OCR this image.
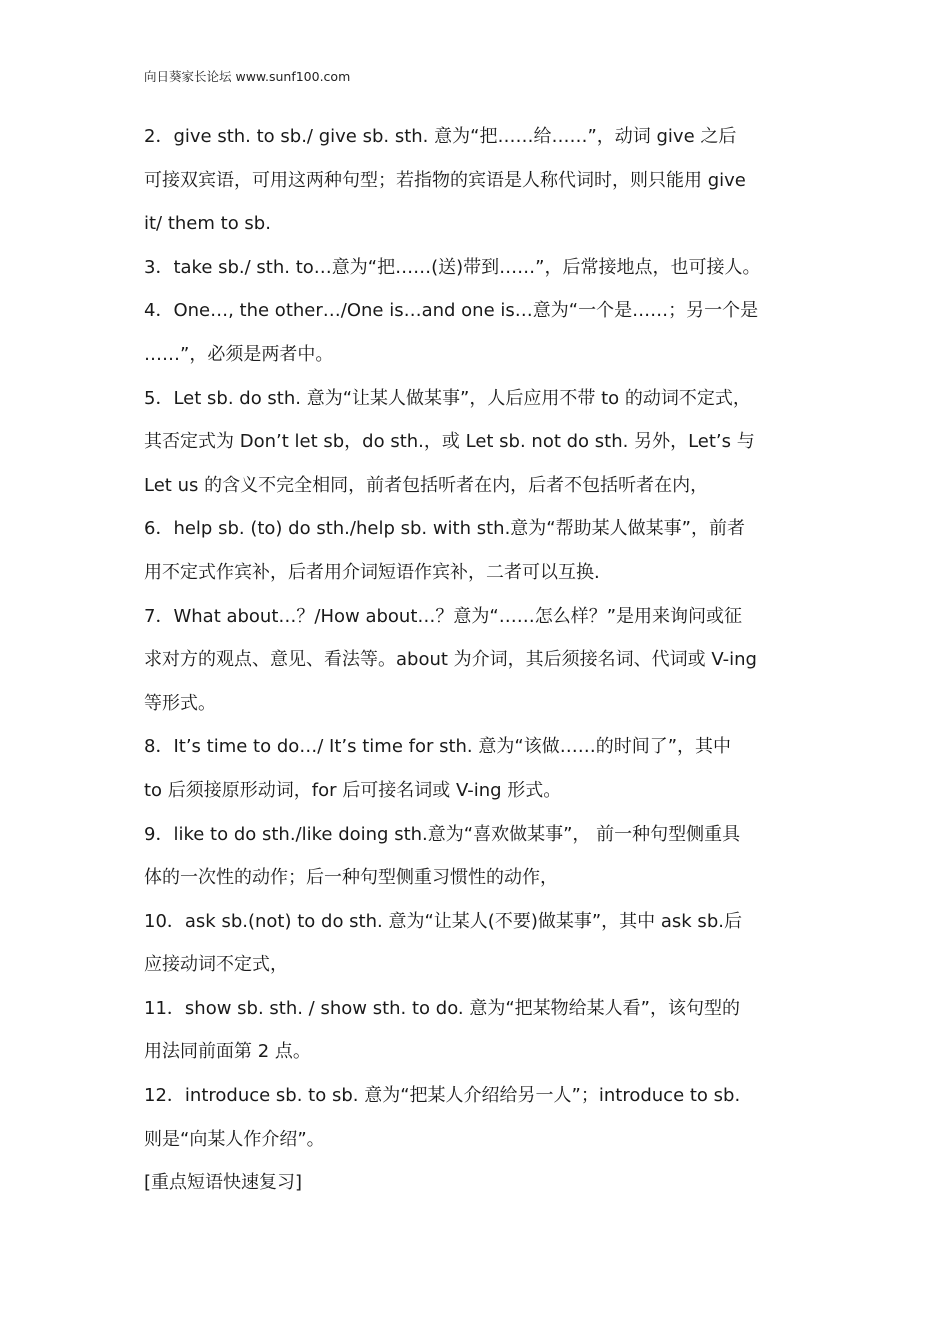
向日葵家长论坛 www.sunf100.com
2．give sth. to sb./ give sb. sth. 意为“把……给……”，动词 give 之后
可接双宾语，可用这两种句型；若指物的宾语是人称代词时，则只能用 give
it/ them to sb.
3．take sb./ sth. to…意为“把……(送)带到……”，后常接地点，也可接人。
4．One…, the other…/One is…and one is…意为“一个是……；另一个是
……”，必须是两者中。
5．Let sb. do sth. 意为“让某人做某事”，人后应用不带 to 的动词不定式，
其否定式为 Don’t let sb，do sth.，或 Let sb. not do sth. 另外，Let’s 与
Let us 的含义不完全相同，前者包括听者在内，后者不包括听者在内，
6．help sb. (to) do sth./help sb. with sth.意为“帮助某人做某事”，前者
用不定式作宾补，后者用介词短语作宾补，二者可以互换.
7．What about…？/How about…？意为“……怎么样？”是用来询问或征
求对方的观点、意见、看法等。about 为介词，其后须接名词、代词或 V-ing
等形式。
8．It’s time to do…/ It’s time for sth. 意为“该做……的时间了”，其中
to 后须接原形动词，for 后可接名词或 V-ing 形式。
9．like to do sth./like doing sth.意为“喜欢做某事”， 前一种句型侧重具
体的一次性的动作；后一种句型侧重习惯性的动作，
10．ask sb.(not) to do sth. 意为“让某人(不要)做某事”，其中 ask sb.后
应接动词不定式，
11．show sb. sth. / show sth. to do. 意为“把某物给某人看”，该句型的
用法同前面第 2 点。
12．introduce sb. to sb. 意为“把某人介绍给另一人”；introduce to sb.
则是“向某人作介绍”。
[重点短语快速复习]
